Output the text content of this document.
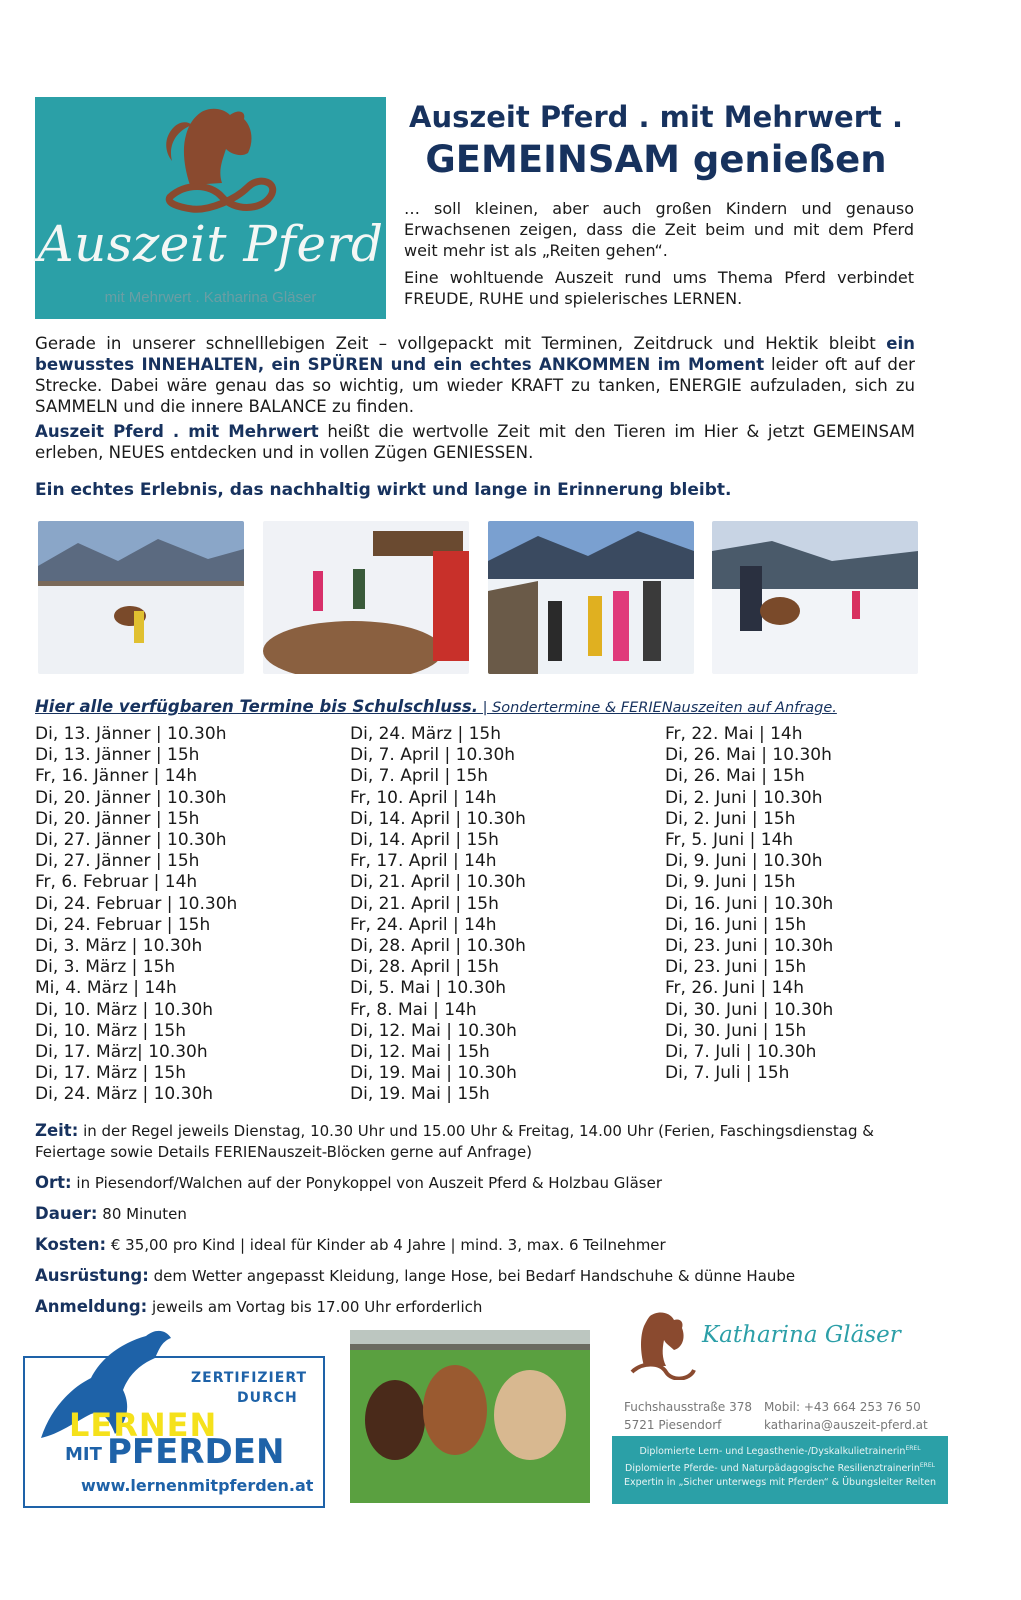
Auszeit Pferd
mit Mehrwert . Katharina Gläser
Auszeit Pferd . mit Mehrwert .
GEMEINSAM genießen

… soll kleinen, aber auch großen Kindern und genauso Erwachsenen zeigen, dass die Zeit beim und mit dem Pferd weit mehr ist als „Reiten gehen“.

Eine wohltuende Auszeit rund ums Thema Pferd verbindet FREUDE, RUHE und spielerisches LERNEN.

Gerade in unserer schnelllebigen Zeit – vollgepackt mit Terminen, Zeitdruck und Hektik bleibt ein bewusstes INNEHALTEN, ein SPÜREN und ein echtes ANKOMMEN im Moment leider oft auf der Strecke. Dabei wäre genau das so wichtig, um wieder KRAFT zu tanken, ENERGIE aufzuladen, sich zu SAMMELN und die innere BALANCE zu finden.

Auszeit Pferd . mit Mehrwert heißt die wertvolle Zeit mit den Tieren im Hier & jetzt GEMEINSAM erleben, NEUES entdecken und in vollen Zügen GENIESSEN.

Ein echtes Erlebnis, das nachhaltig wirkt und lange in Erinnerung bleibt.
Hier alle verfügbaren Termine bis Schulschluss. | Sondertermine & FERIENauszeiten auf Anfrage.
Di, 13. Jänner | 10.30h
Di, 13. Jänner | 15h
Fr, 16. Jänner | 14h
Di, 20. Jänner | 10.30h
Di, 20. Jänner | 15h
Di, 27. Jänner | 10.30h
Di, 27. Jänner | 15h
Fr, 6. Februar | 14h
Di, 24. Februar | 10.30h
Di, 24. Februar | 15h
Di, 3. März | 10.30h
Di, 3. März | 15h
Mi, 4. März | 14h
Di, 10. März | 10.30h
Di, 10. März | 15h
Di, 17. März| 10.30h
Di, 17. März | 15h
Di, 24. März | 10.30h
Di, 24. März | 15h
Di, 7. April | 10.30h
Di, 7. April | 15h
Fr, 10. April | 14h
Di, 14. April | 10.30h
Di, 14. April | 15h
Fr, 17. April | 14h
Di, 21. April | 10.30h
Di, 21. April | 15h
Fr, 24. April | 14h
Di, 28. April | 10.30h
Di, 28. April | 15h
Di, 5. Mai | 10.30h
Fr, 8. Mai | 14h
Di, 12. Mai | 10.30h
Di, 12. Mai | 15h
Di, 19. Mai | 10.30h
Di, 19. Mai | 15h
Fr, 22. Mai | 14h
Di, 26. Mai | 10.30h
Di, 26. Mai | 15h
Di, 2. Juni | 10.30h
Di, 2. Juni | 15h
Fr, 5. Juni | 14h
Di, 9. Juni | 10.30h
Di, 9. Juni | 15h
Di, 16. Juni | 10.30h
Di, 16. Juni | 15h
Di, 23. Juni | 10.30h
Di, 23. Juni | 15h
Fr, 26. Juni | 14h
Di, 30. Juni | 10.30h
Di, 30. Juni | 15h
Di, 7. Juli | 10.30h
Di, 7. Juli | 15h

Zeit: in der Regel jeweils Dienstag, 10.30 Uhr und 15.00 Uhr & Freitag, 14.00 Uhr (Ferien, Faschingsdienstag & Feiertage sowie Details FERIENauszeit-Blöcken gerne auf Anfrage)

Ort: in Piesendorf/Walchen auf der Ponykoppel von Auszeit Pferd & Holzbau Gläser

Dauer: 80 Minuten

Kosten: € 35,00 pro Kind | ideal für Kinder ab 4 Jahre | mind. 3, max. 6 Teilnehmer

Ausrüstung: dem Wetter angepasst Kleidung, lange Hose, bei Bedarf Handschuhe & dünne Haube

Anmeldung: jeweils am Vortag bis 17.00 Uhr erforderlich

ZERTIFIZIERT
DURCH
LERNEN
MIT PFERDEN
www.lernenmitpferden.at
Katharina Gläser
Fuchshausstraße 378
5721 Piesendorf
Mobil: +43 664 253 76 50
katharina@auszeit-pferd.at
Diplomierte Lern- und Legasthenie-/Dyskalkulietrainerin$^{EREL}$
Diplomierte Pferde- und Naturpädagogische Resilienztrainerin$^{EREL}$
Expertin in „Sicher unterwegs mit Pferden“ & Übungsleiter Reiten
